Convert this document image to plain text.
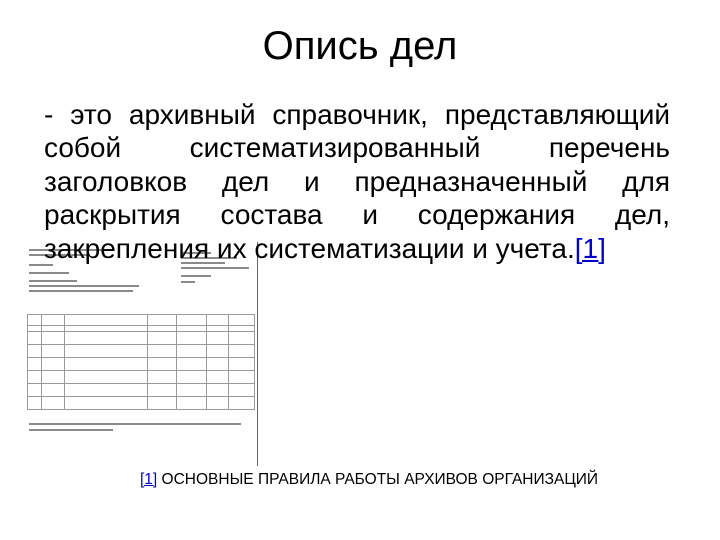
Опись дел
- это архивный справочник, представляющий собой систематизированный перечень заголовков дел и предназначенный для раскрытия состава и содержания дел, закрепления их систематизации и учета.[1]

[1] ОСНОВНЫЕ ПРАВИЛА РАБОТЫ АРХИВОВ ОРГАНИЗАЦИЙ
